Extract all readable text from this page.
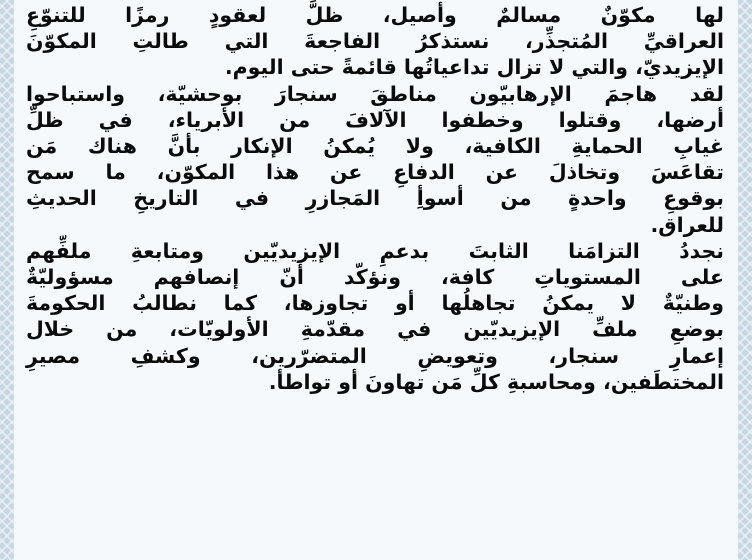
لها مكوّنٌ مسالمٌ وأصيل، ظلَّ لعقودٍ رمزًا للتنوّعِ
العراقيِّ المُتجذِّر، نستذكرُ الفاجعةَ التي طالتِ المكوّنَ
الإيزيديّ، والتي لا تزال تداعياتُها قائمةً حتى اليوم.

لقد هاجمَ الإرهابيّون مناطقَ سنجارَ بوحشيّة، واستباحوا
أرضها، وقتلوا وخطفوا الآلافَ من الأبرياء، في ظلِّ
غيابِ الحمايةِ الكافية، ولا يُمكنُ الإنكار بأنَّ هناك مَن
تقاعَسَ وتخاذلَ عن الدفاعِ عن هذا المكوّن، ما سمح
بوقوعِ واحدةٍ من أسوأِ المَجازرِ في التاريخِ الحديثِ
للعراق.

نجددُ التزامَنا الثابتَ بدعمِ الإيزيديّين ومتابعةِ ملفِّهم
على المستوياتِ كافة، ونؤكّد أنّ إنصافهم مسؤوليّةٌ
وطنيّةٌ لا يمكنُ تجاهلُها أو تجاوزها، كما نطالبُ الحكومةَ
بوضعِ ملفِّ الإيزيديّين في مقدّمةِ الأولويّات، من خلال
إعمارِ سنجار، وتعويضِ المتضرّرين، وكشفِ مصيرِ
المختطَفين، ومحاسبةِ كلِّ مَن تهاونَ أو تواطأ.
